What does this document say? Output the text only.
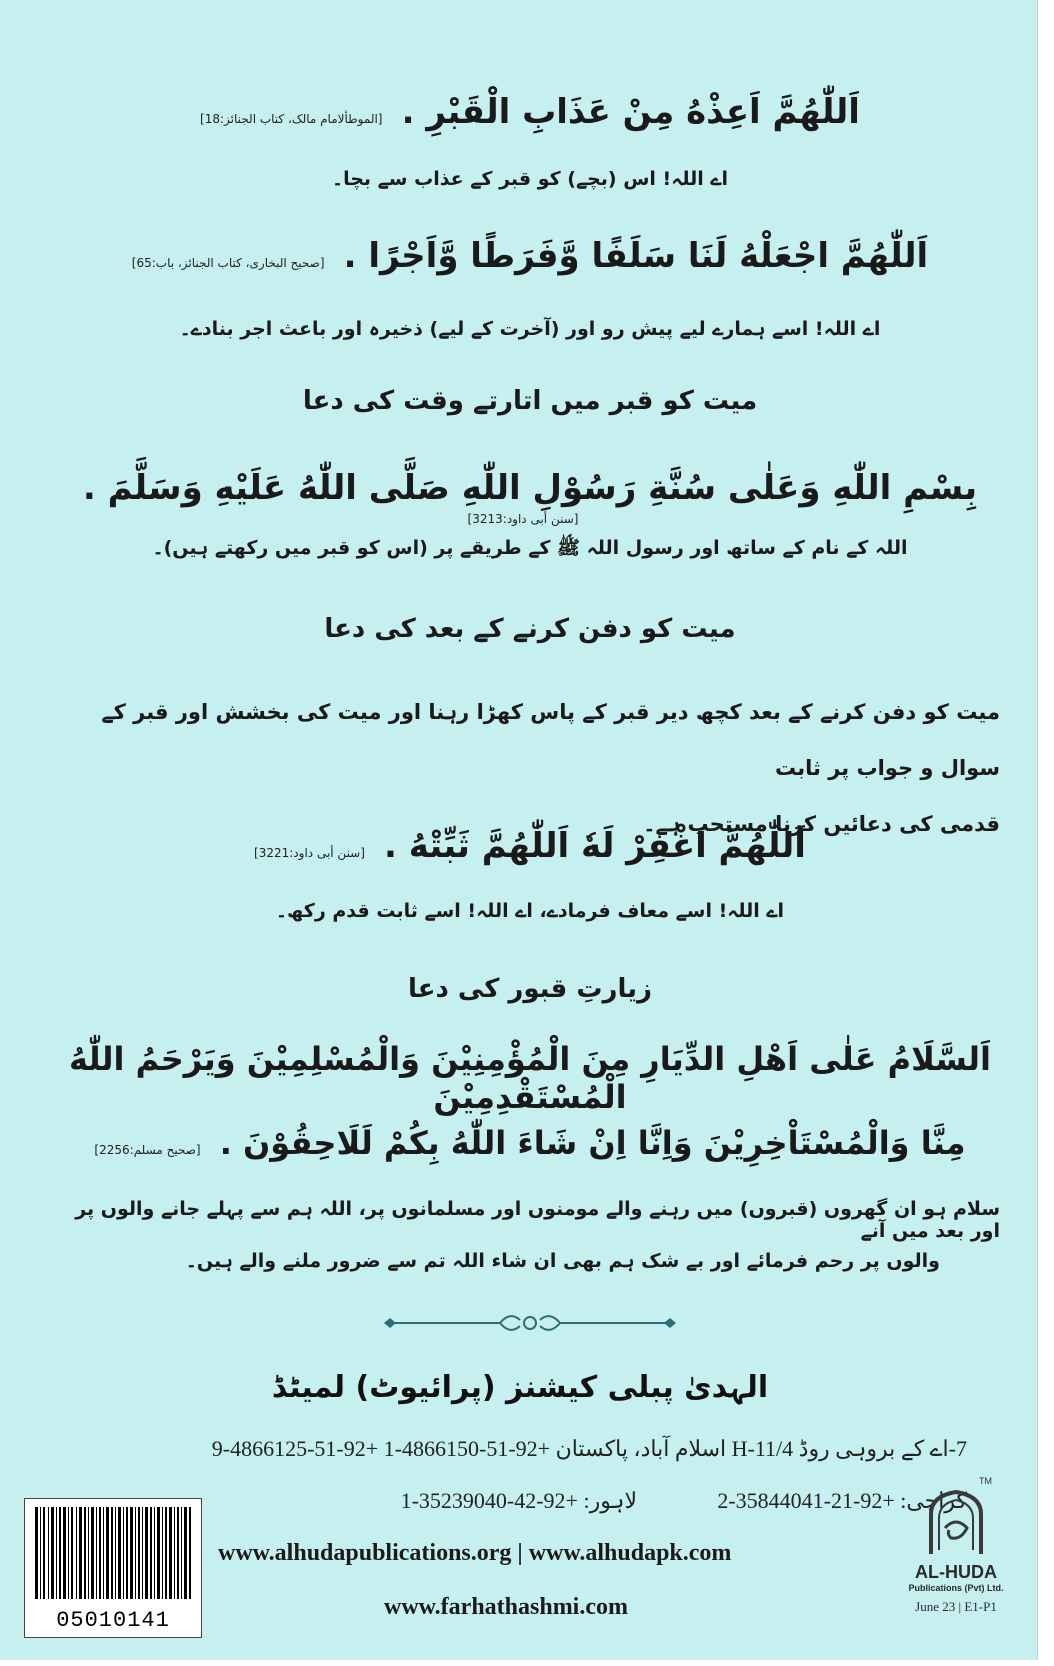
اَللّٰهُمَّ اَعِذْهُ مِنْ عَذَابِ الْقَبْرِ . [الموطألامام مالک، کتاب الجنائز:18]
اے اللہ! اس (بچے) کو قبر کے عذاب سے بچا۔
اَللّٰهُمَّ اجْعَلْهُ لَنَا سَلَفًا وَّفَرَطًا وَّاَجْرًا . [صحیح البخاری، کتاب الجنائز، باب:65]
اے اللہ! اسے ہمارے لیے پیش رو اور (آخرت کے لیے) ذخیرہ اور باعث اجر بنادے۔
میت کو قبر میں اتارتے وقت کی دعا
بِسْمِ اللّٰهِ وَعَلٰى سُنَّةِ رَسُوْلِ اللّٰهِ صَلَّى اللّٰهُ عَلَيْهِ وَسَلَّمَ . [سنن أبی داود:3213]
اللہ کے نام کے ساتھ اور رسول اللہ ﷺ کے طریقے پر (اس کو قبر میں رکھتے ہیں)۔
میت کو دفن کرنے کے بعد کی دعا
میت کو دفن کرنے کے بعد کچھ دیر قبر کے پاس کھڑا رہنا اور میت کی بخشش اور قبر کے سوال و جواب پر ثابت
قدمی کی دعائیں کرنا مستحب ہے۔
اَللّٰهُمَّ اغْفِرْ لَهٗ اَللّٰهُمَّ ثَبِّتْهُ . [سنن أبی داود:3221]
اے اللہ! اسے معاف فرمادے، اے اللہ! اسے ثابت قدم رکھ۔
زیارتِ قبور کی دعا
اَلسَّلَامُ عَلٰى اَهْلِ الدِّيَارِ مِنَ الْمُؤْمِنِيْنَ وَالْمُسْلِمِيْنَ وَيَرْحَمُ اللّٰهُ الْمُسْتَقْدِمِيْنَ
مِنَّا وَالْمُسْتَاْخِرِيْنَ وَاِنَّا اِنْ شَاءَ اللّٰهُ بِكُمْ لَلَاحِقُوْنَ . [صحیح مسلم:2256]
سلام ہو ان گھروں (قبروں) میں رہنے والے مومنوں اور مسلمانوں پر، اللہ ہم سے پہلے جانے والوں پر اور بعد میں آنے
والوں پر رحم فرمائے اور بے شک ہم بھی ان شاء اللہ تم سے ضرور ملنے والے ہیں۔
الہدیٰ پبلی کیشنز (پرائیوٹ) لمیٹڈ
7-اے کے بروہی روڈ H-11/4 اسلام آباد، پاکستان +92-51-4866150-1 +92-51-4866125-9
کراچی: +92-21-35844041-2
لاہور: +92-42-35239040-1
www.alhudapublications.org | www.alhudapk.com
www.farhathashmi.com
05010141
TM
AL-HUDA
Publications (Pvt) Ltd.
June 23 | E1-P1
